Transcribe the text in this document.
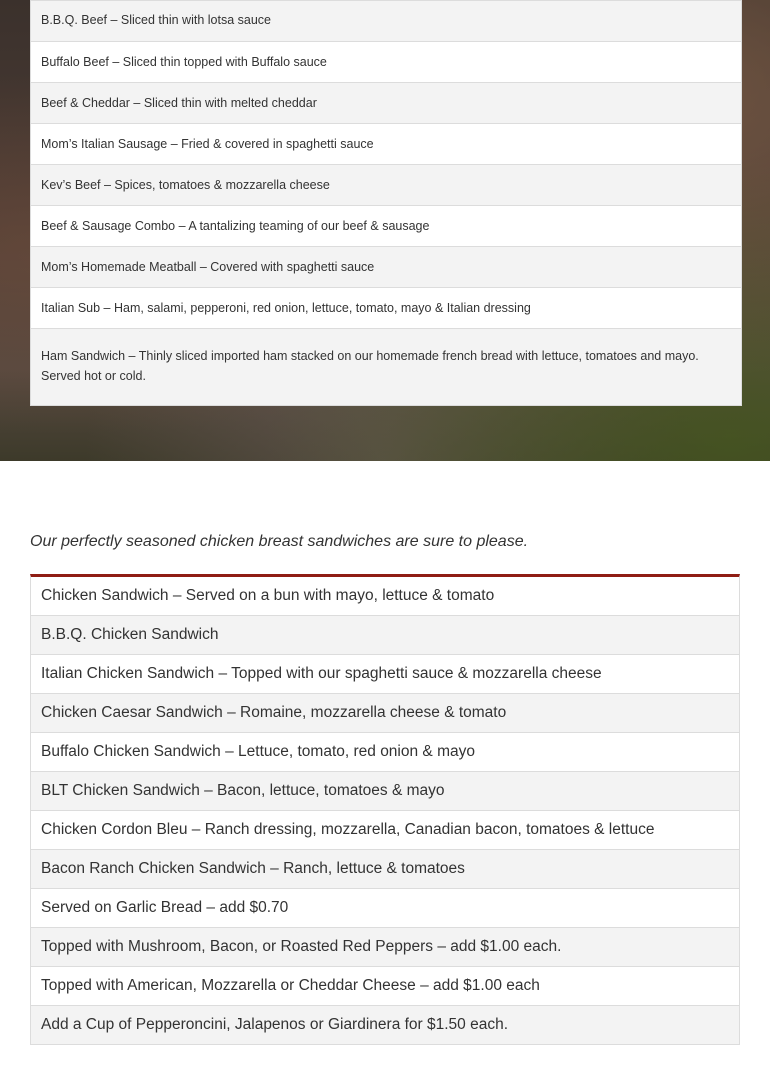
B.B.Q. Beef – Sliced thin with lotsa sauce
Buffalo Beef – Sliced thin topped with Buffalo sauce
Beef & Cheddar – Sliced thin with melted cheddar
Mom’s Italian Sausage – Fried & covered in spaghetti sauce
Kev’s Beef – Spices, tomatoes & mozzarella cheese
Beef & Sausage Combo – A tantalizing teaming of our beef & sausage
Mom’s Homemade Meatball – Covered with spaghetti sauce
Italian Sub – Ham, salami, pepperoni, red onion, lettuce, tomato, mayo & Italian dressing
Ham Sandwich – Thinly sliced imported ham stacked on our homemade french bread with lettuce, tomatoes and mayo. Served hot or cold.

Our perfectly seasoned chicken breast sandwiches are sure to please.

Chicken Sandwich – Served on a bun with mayo, lettuce & tomato
B.B.Q. Chicken Sandwich
Italian Chicken Sandwich – Topped with our spaghetti sauce & mozzarella cheese
Chicken Caesar Sandwich – Romaine, mozzarella cheese & tomato
Buffalo Chicken Sandwich – Lettuce, tomato, red onion & mayo
BLT Chicken Sandwich – Bacon, lettuce, tomatoes & mayo
Chicken Cordon Bleu – Ranch dressing, mozzarella, Canadian bacon, tomatoes & lettuce
Bacon Ranch Chicken Sandwich – Ranch, lettuce & tomatoes
Served on Garlic Bread – add $0.70
Topped with Mushroom, Bacon, or Roasted Red Peppers – add $1.00 each.
Topped with American, Mozzarella or Cheddar Cheese – add $1.00 each
Add a Cup of Pepperoncini, Jalapenos or Giardinera for $1.50 each.
